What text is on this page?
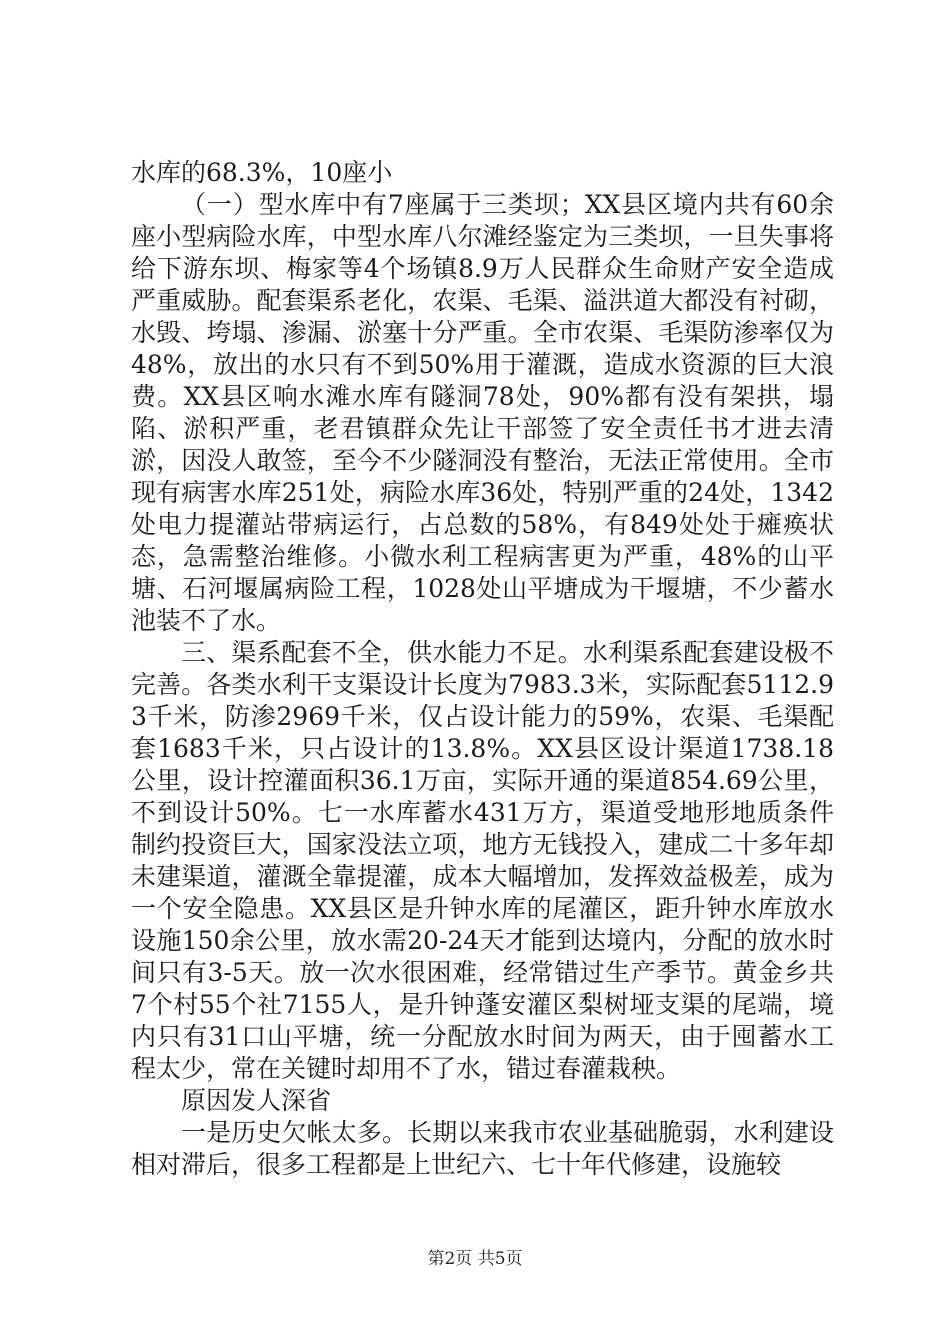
水库的68.3%，10座小

（一）型水库中有7座属于三类坝；XX县区境内共有60余座小型病险水库，中型水库八尔滩经鉴定为三类坝，一旦失事将给下游东坝、梅家等4个场镇8.9万人民群众生命财产安全造成严重威胁。配套渠系老化，农渠、毛渠、溢洪道大都没有衬砌，水毁、垮塌、渗漏、淤塞十分严重。全市农渠、毛渠防渗率仅为48%，放出的水只有不到50%用于灌溉，造成水资源的巨大浪费。XX县区响水滩水库有隧洞78处，90%都有没有架拱，塌陷、淤积严重，老君镇群众先让干部签了安全责任书才进去清淤，因没人敢签，至今不少隧洞没有整治，无法正常使用。全市现有病害水库251处，病险水库36处，特别严重的24处，1342处电力提灌站带病运行，占总数的58%，有849处处于瘫痪状态，急需整治维修。小微水利工程病害更为严重，48%的山平塘、石河堰属病险工程，1028处山平塘成为干堰塘，不少蓄水池装不了水。

三、渠系配套不全，供水能力不足。水利渠系配套建设极不完善。各类水利干支渠设计长度为7983.3米，实际配套5112.93千米，防渗2969千米，仅占设计能力的59%，农渠、毛渠配套1683千米，只占设计的13.8%。XX县区设计渠道1738.18公里，设计控灌面积36.1万亩，实际开通的渠道854.69公里，不到设计50%。七一水库蓄水431万方，渠道受地形地质条件制约投资巨大，国家没法立项，地方无钱投入，建成二十多年却未建渠道，灌溉全靠提灌，成本大幅增加，发挥效益极差，成为一个安全隐患。XX县区是升钟水库的尾灌区，距升钟水库放水设施150余公里，放水需20-24天才能到达境内，分配的放水时间只有3-5天。放一次水很困难，经常错过生产季节。黄金乡共7个村55个社7155人，是升钟蓬安灌区梨树垭支渠的尾端，境内只有31口山平塘，统一分配放水时间为两天，由于囤蓄水工程太少，常在关键时却用不了水，错过春灌栽秧。

原因发人深省

一是历史欠帐太多。长期以来我市农业基础脆弱，水利建设相对滞后，很多工程都是上世纪六、七十年代修建，设施较

第2页 共5页
